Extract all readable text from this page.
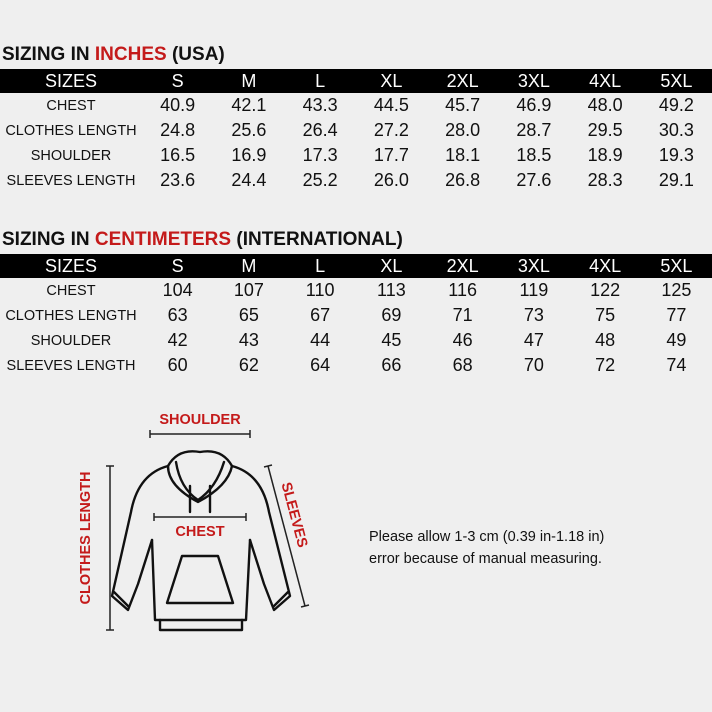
SIZING IN INCHES (USA)
SIZES	S	M	L	XL	2XL	3XL	4XL	5XL
CHEST	40.9	42.1	43.3	44.5	45.7	46.9	48.0	49.2
CLOTHES LENGTH	24.8	25.6	26.4	27.2	28.0	28.7	29.5	30.3
SHOULDER	16.5	16.9	17.3	17.7	18.1	18.5	18.9	19.3
SLEEVES LENGTH	23.6	24.4	25.2	26.0	26.8	27.6	28.3	29.1
SIZING IN CENTIMETERS (INTERNATIONAL)
SIZES	S	M	L	XL	2XL	3XL	4XL	5XL
CHEST	104	107	110	113	116	119	122	125
CLOTHES LENGTH	63	65	67	69	71	73	75	77
SHOULDER	42	43	44	45	46	47	48	49
SLEEVES LENGTH	60	62	64	66	68	70	72	74
SHOULDER
CHEST
CLOTHES LENGTH	SLEEVES	Please allow 1-3 cm (0.39 in-1.18 in)
error because of manual measuring.
